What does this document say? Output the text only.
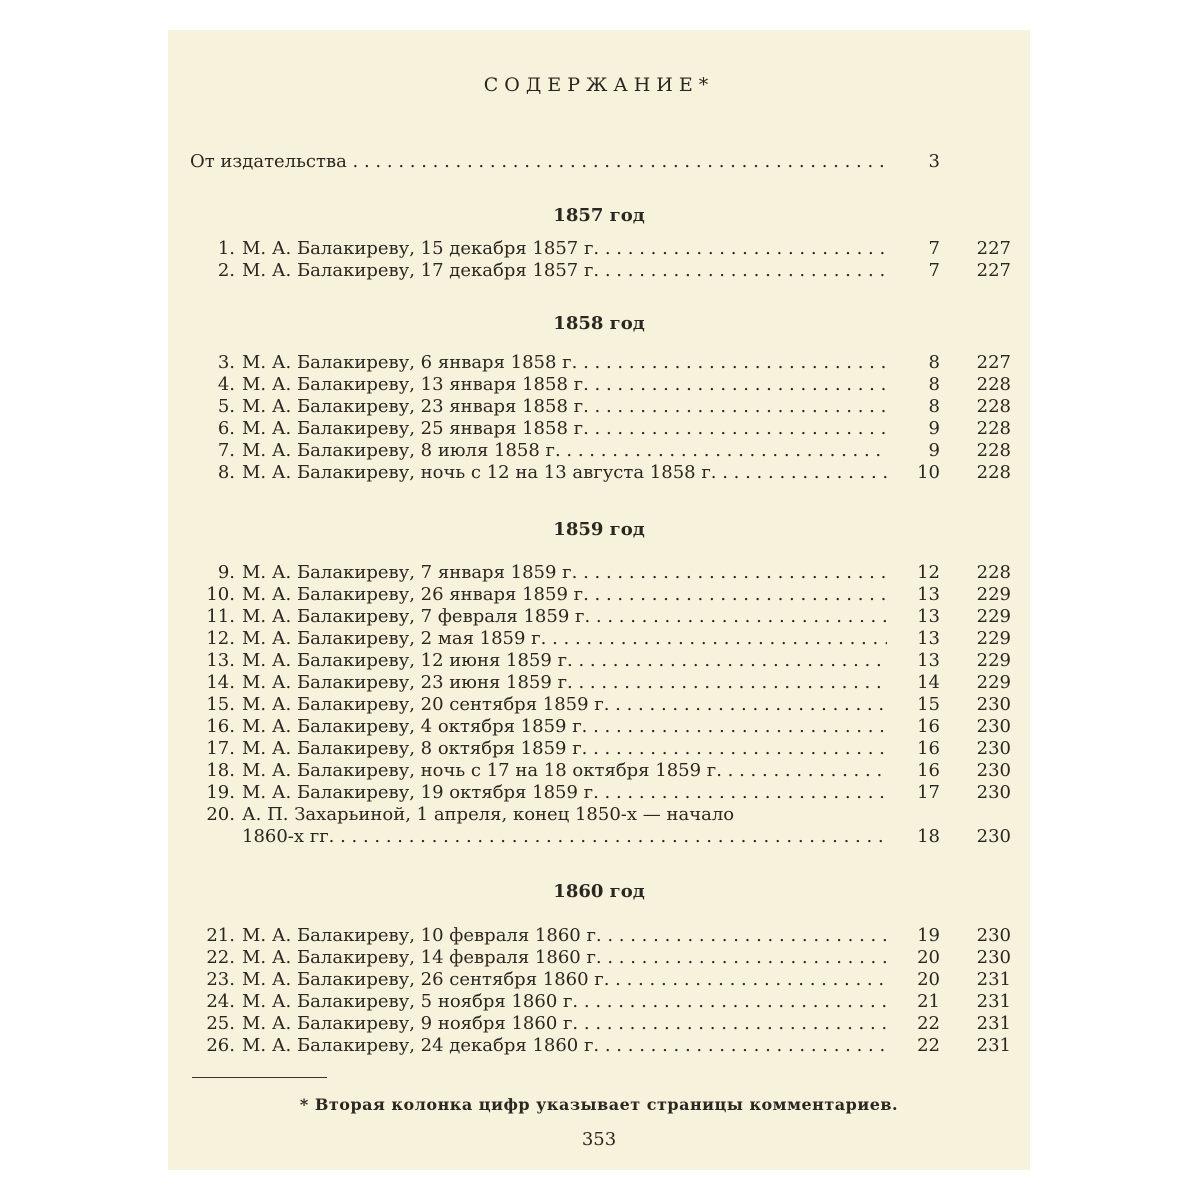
СОДЕРЖАНИЕ*
От издательства . . .	3
1857 год
1. М. А. Балакиреву, 15 декабря 1857 г. . . .	7 227
2. М. А. Балакиреву, 17 декабря 1857 г. . . .	7 227
1858 год
3. М. А. Балакиреву, 6 января 1858 г. . . .	8 227
4. М. А. Балакиреву, 13 января 1858 г. . . .	8 228
5. М. А. Балакиреву, 23 января 1858 г. . . .	8 228
6. М. А. Балакиреву, 25 января 1858 г. . . .	9 228
7. М. А. Балакиреву, 8 июля 1858 г. . . .	9 228
8. М. А. Балакиреву, ночь с 12 на 13 августа 1858 г. . . .	10 228
1859 год
9. М. А. Балакиреву, 7 января 1859 г. . . .	12 228
10. М. А. Балакиреву, 26 января 1859 г. . . .	13 229
11. М. А. Балакиреву, 7 февраля 1859 г. . . .	13 229
12. М. А. Балакиреву, 2 мая 1859 г. . . .	13 229
13. М. А. Балакиреву, 12 июня 1859 г. . . .	13 229
14. М. А. Балакиреву, 23 июня 1859 г. . . .	14 229
15. М. А. Балакиреву, 20 сентября 1859 г. . . .	15 230
16. М. А. Балакиреву, 4 октября 1859 г. . . .	16 230
17. М. А. Балакиреву, 8 октября 1859 г. . . .	16 230
18. М. А. Балакиреву, ночь с 17 на 18 октября 1859 г. . . .	16 230
19. М. А. Балакиреву, 19 октября 1859 г. . . .	17 230
20. А. П. Захарьиной, 1 апреля, конец 1850-х — начало
1860-х гг. . . .	18 230
1860 год
21. М. А. Балакиреву, 10 февраля 1860 г. . . .	19 230
22. М. А. Балакиреву, 14 февраля 1860 г. . . .	20 230
23. М. А. Балакиреву, 26 сентября 1860 г. . . .	20 231
24. М. А. Балакиреву, 5 ноября 1860 г. . . .	21 231
25. М. А. Балакиреву, 9 ноября 1860 г. . . .	22 231
26. М. А. Балакиреву, 24 декабря 1860 г. . . .	22 231
* Вторая колонка цифр указывает страницы комментариев.
353
